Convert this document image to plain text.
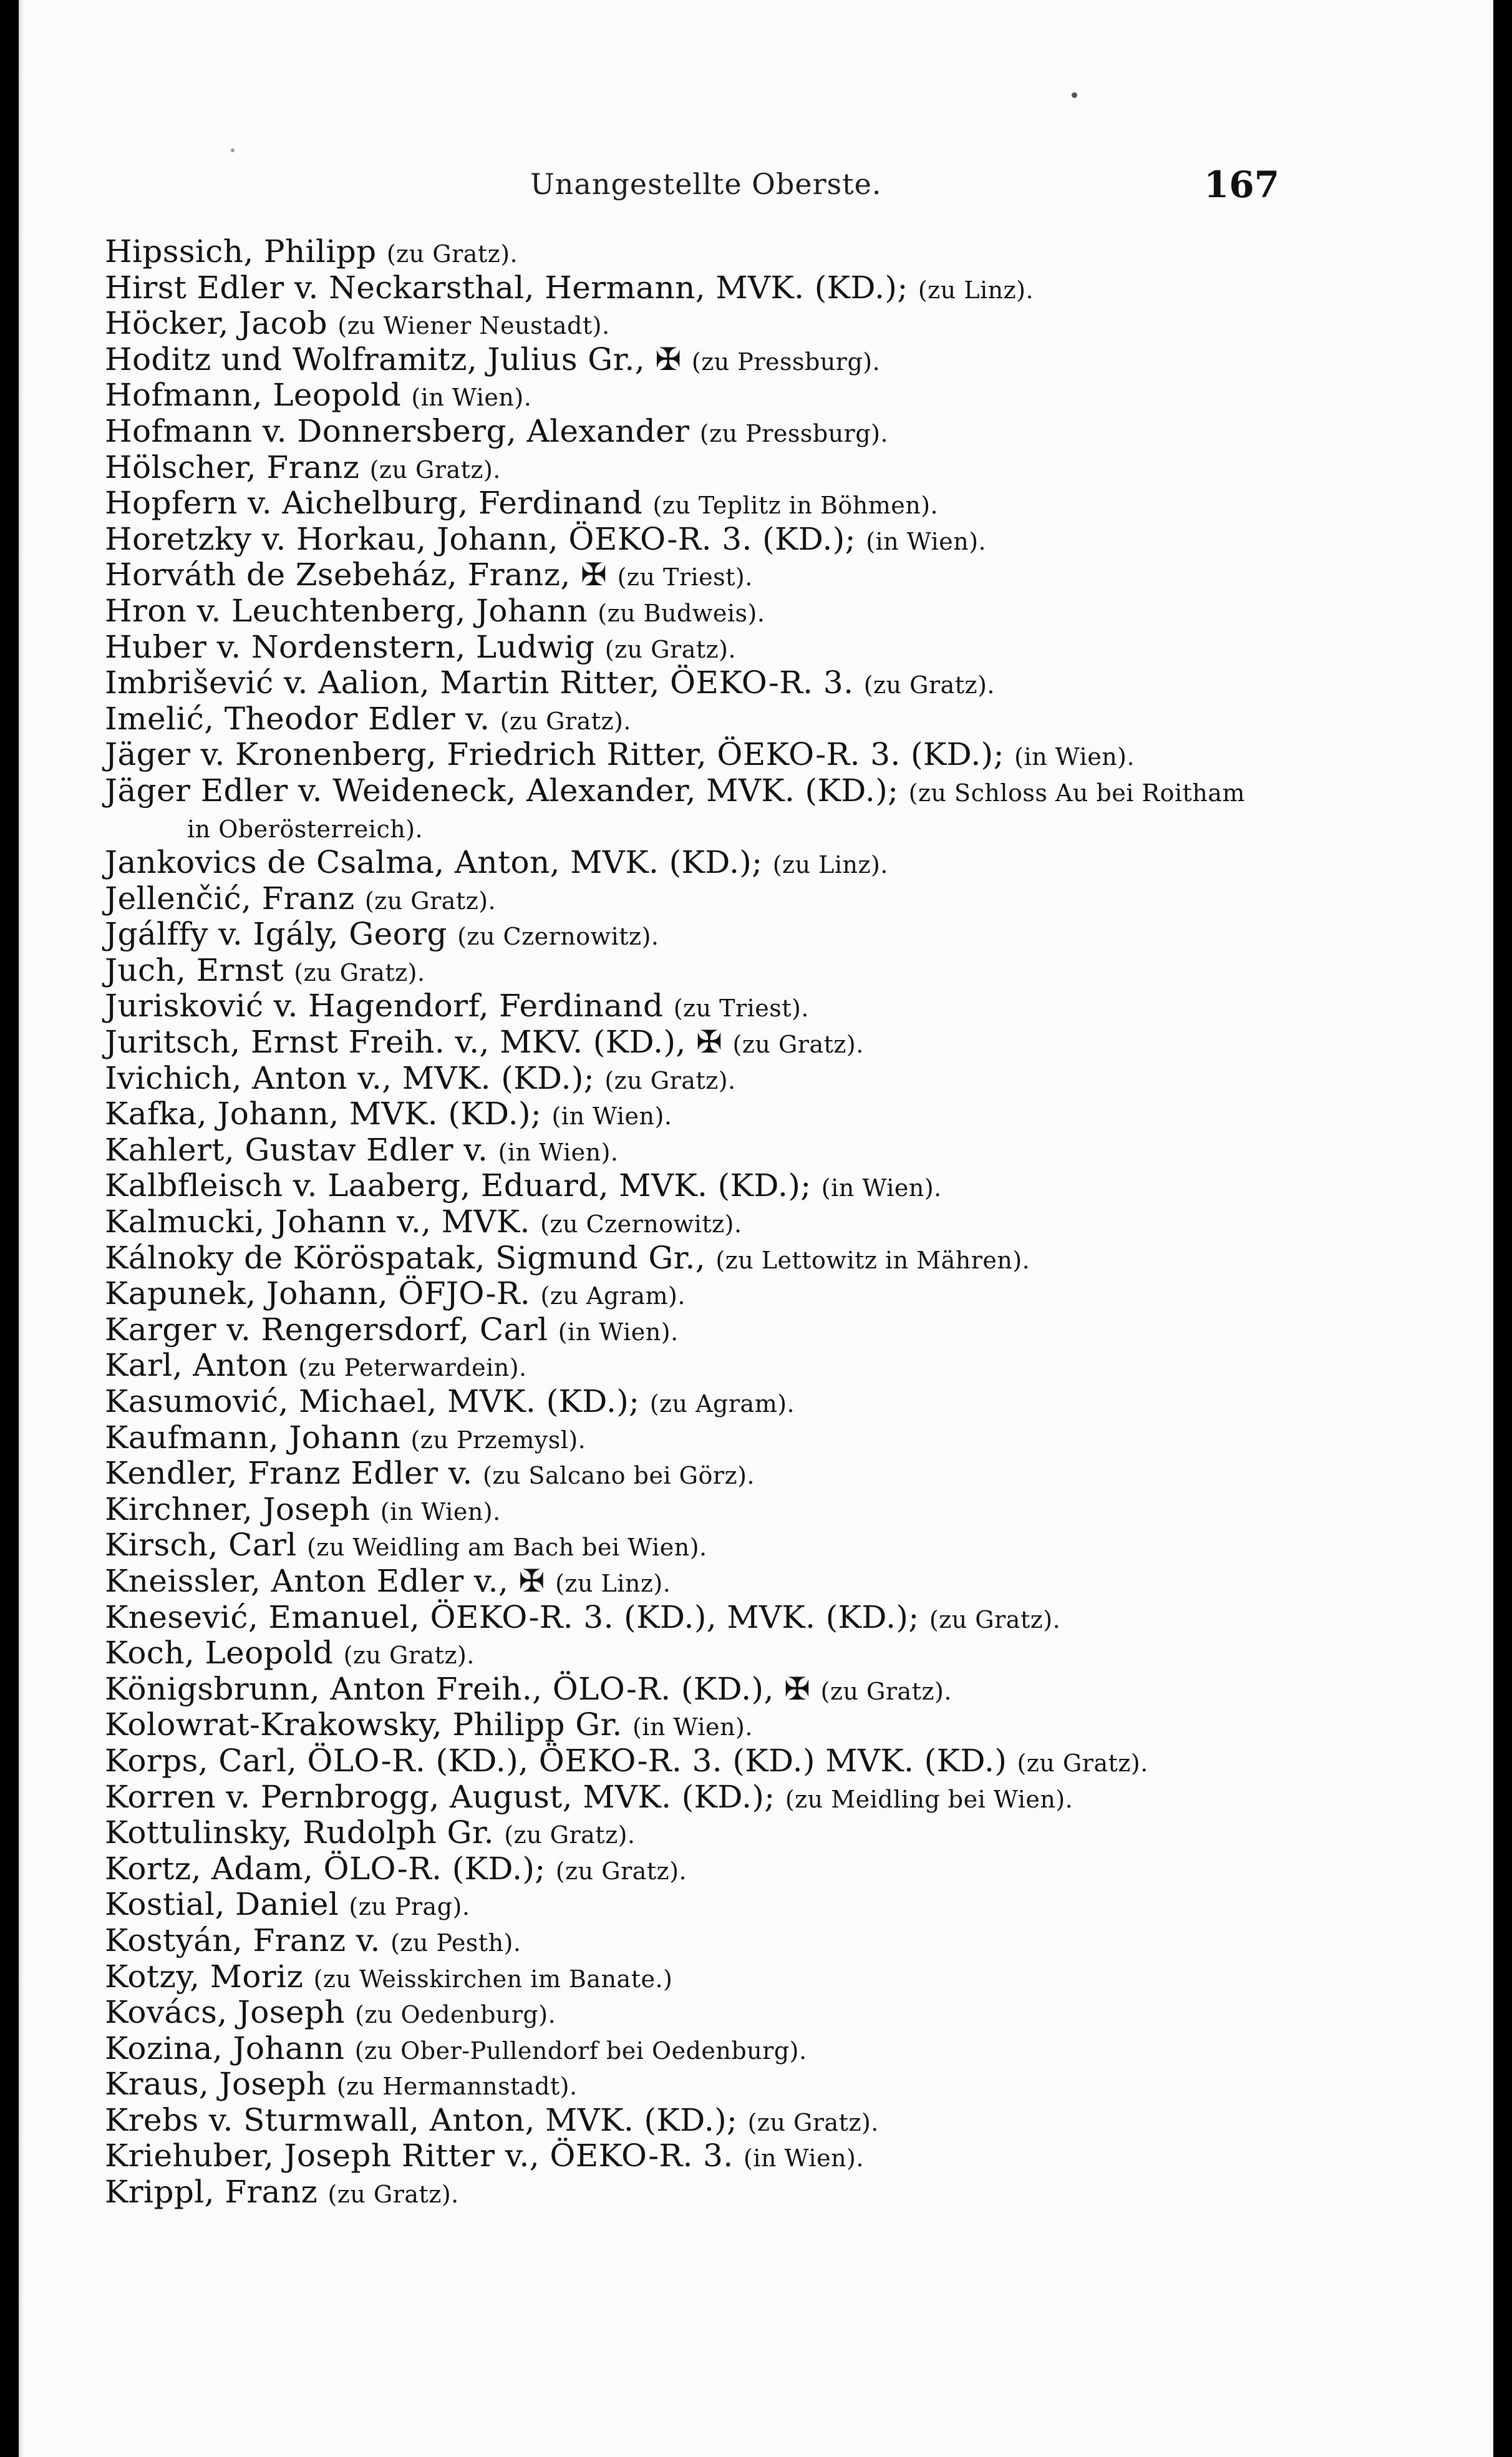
Unangestellte Oberste.	167
Hipssich, Philipp (zu Gratz).
Hirst Edler v. Neckarsthal, Hermann, MVK. (KD.); (zu Linz).
Höcker, Jacob (zu Wiener Neustadt).
Hoditz und Wolframitz, Julius Gr., ✠ (zu Pressburg).
Hofmann, Leopold (in Wien).
Hofmann v. Donnersberg, Alexander (zu Pressburg).
Hölscher, Franz (zu Gratz).
Hopfern v. Aichelburg, Ferdinand (zu Teplitz in Böhmen).
Horetzky v. Horkau, Johann, ÖEKO-R. 3. (KD.); (in Wien).
Horváth de Zsebeház, Franz, ✠ (zu Triest).
Hron v. Leuchtenberg, Johann (zu Budweis).
Huber v. Nordenstern, Ludwig (zu Gratz).
Imbrišević v. Aalion, Martin Ritter, ÖEKO-R. 3. (zu Gratz).
Imelić, Theodor Edler v. (zu Gratz).
Jäger v. Kronenberg, Friedrich Ritter, ÖEKO-R. 3. (KD.); (in Wien).
Jäger Edler v. Weideneck, Alexander, MVK. (KD.); (zu Schloss Au bei Roitham
in Oberösterreich).
Jankovics de Csalma, Anton, MVK. (KD.); (zu Linz).
Jellenčić, Franz (zu Gratz).
Jgálffy v. Igály, Georg (zu Czernowitz).
Juch, Ernst (zu Gratz).
Jurisković v. Hagendorf, Ferdinand (zu Triest).
Juritsch, Ernst Freih. v., MKV. (KD.), ✠ (zu Gratz).
Ivichich, Anton v., MVK. (KD.); (zu Gratz).
Kafka, Johann, MVK. (KD.); (in Wien).
Kahlert, Gustav Edler v. (in Wien).
Kalbfleisch v. Laaberg, Eduard, MVK. (KD.); (in Wien).
Kalmucki, Johann v., MVK. (zu Czernowitz).
Kálnoky de Köröspatak, Sigmund Gr., (zu Lettowitz in Mähren).
Kapunek, Johann, ÖFJO-R. (zu Agram).
Karger v. Rengersdorf, Carl (in Wien).
Karl, Anton (zu Peterwardein).
Kasumović, Michael, MVK. (KD.); (zu Agram).
Kaufmann, Johann (zu Przemysl).
Kendler, Franz Edler v. (zu Salcano bei Görz).
Kirchner, Joseph (in Wien).
Kirsch, Carl (zu Weidling am Bach bei Wien).
Kneissler, Anton Edler v., ✠ (zu Linz).
Knesević, Emanuel, ÖEKO-R. 3. (KD.), MVK. (KD.); (zu Gratz).
Koch, Leopold (zu Gratz).
Königsbrunn, Anton Freih., ÖLO-R. (KD.), ✠ (zu Gratz).
Kolowrat-Krakowsky, Philipp Gr. (in Wien).
Korps, Carl, ÖLO-R. (KD.), ÖEKO-R. 3. (KD.) MVK. (KD.) (zu Gratz).
Korren v. Pernbrogg, August, MVK. (KD.); (zu Meidling bei Wien).
Kottulinsky, Rudolph Gr. (zu Gratz).
Kortz, Adam, ÖLO-R. (KD.); (zu Gratz).
Kostial, Daniel (zu Prag).
Kostyán, Franz v. (zu Pesth).
Kotzy, Moriz (zu Weisskirchen im Banate.)
Kovács, Joseph (zu Oedenburg).
Kozina, Johann (zu Ober-Pullendorf bei Oedenburg).
Kraus, Joseph (zu Hermannstadt).
Krebs v. Sturmwall, Anton, MVK. (KD.); (zu Gratz).
Kriehuber, Joseph Ritter v., ÖEKO-R. 3. (in Wien).
Krippl, Franz (zu Gratz).
